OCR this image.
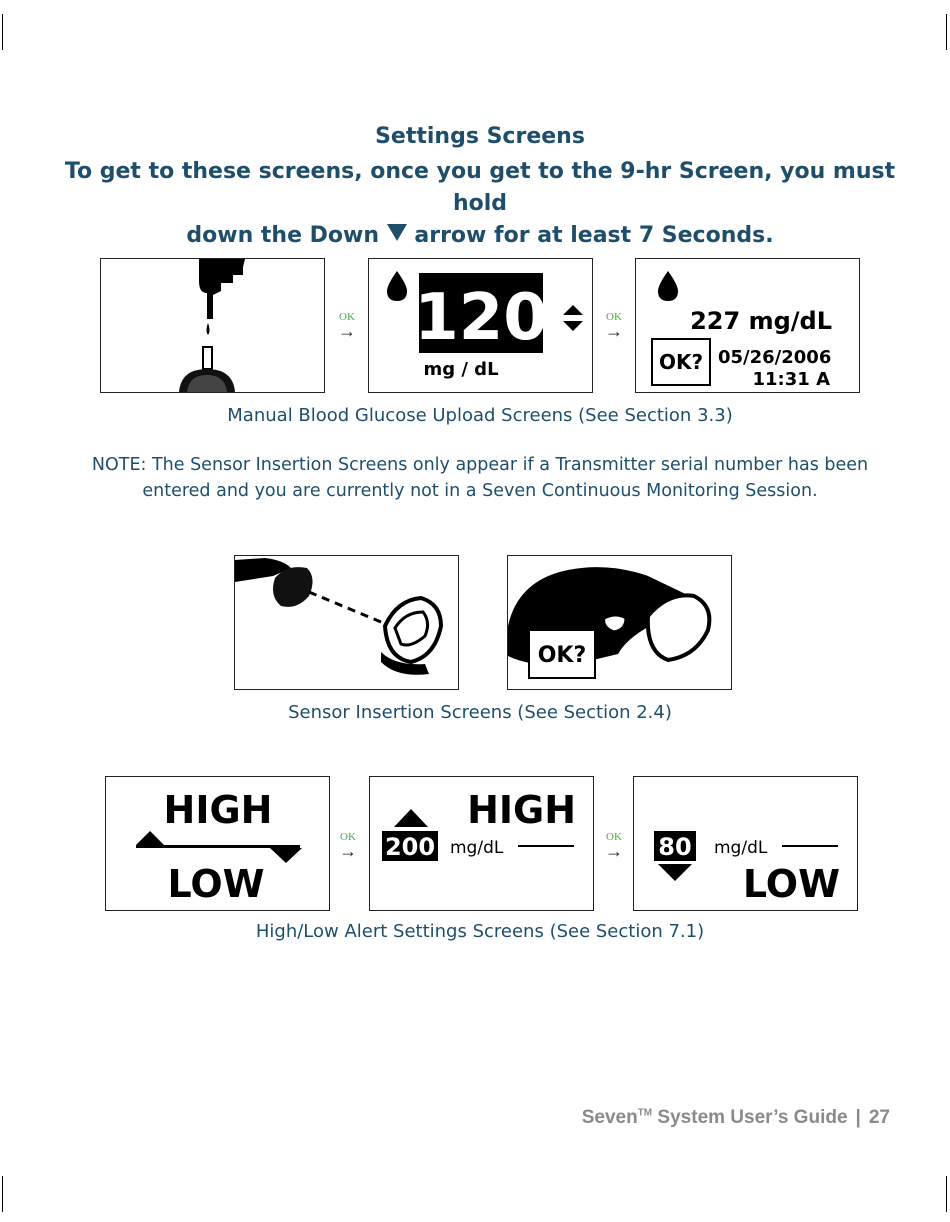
Settings Screens
To get to these screens, once you get to the 9-hr Screen, you must hold
down the Down arrow for at least 7 Seconds.
OK
→ 120
mg / dL
OK
→	227 mg/dL
OK? 05/26/2006
11:31 A
Manual Blood Glucose Upload Screens (See Section 3.3)
NOTE: The Sensor Insertion Screens only appear if a Transmitter serial number has been
entered and you are currently not in a Seven Continuous Monitoring Session.
OK?
Sensor Insertion Screens (See Section 2.4)
HIGH
LOW
OK
→
HIGH
200 mg/dL
OK
→ 80 mg/dL
LOW
High/Low Alert Settings Screens (See Section 7.1)
Seven™ System User’s Guide | 27
